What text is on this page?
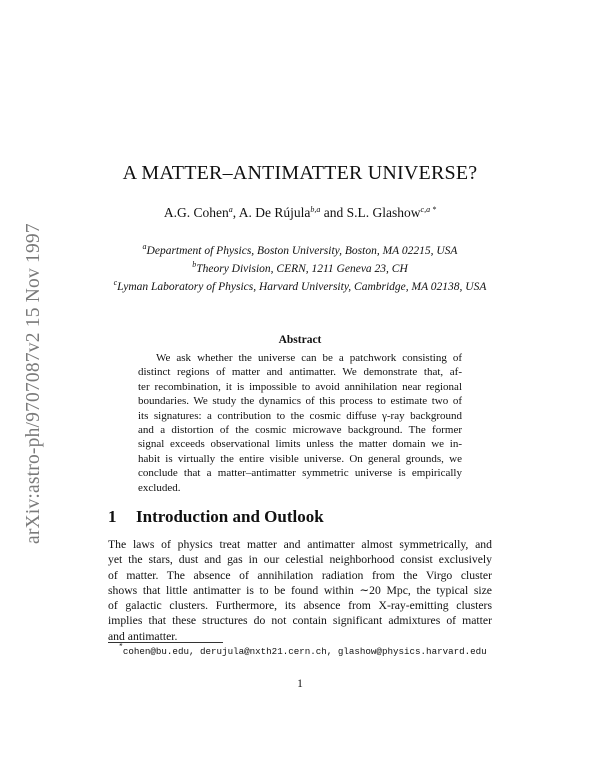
arXiv:astro-ph/9707087v2 15 Nov 1997
A MATTER–ANTIMATTER UNIVERSE?
A.G. Cohen$^a$, A. De Rújula$^{b,a}$ and S.L. Glashow$^{c,a *}$
$^a$Department of Physics, Boston University, Boston, MA 02215, USA
$^b$Theory Division, CERN, 1211 Geneva 23, CH
$^c$Lyman Laboratory of Physics, Harvard University, Cambridge, MA 02138, USA
Abstract
We ask whether the universe can be a patchwork consisting of
distinct regions of matter and antimatter. We demonstrate that, af-
ter recombination, it is impossible to avoid annihilation near regional
boundaries. We study the dynamics of this process to estimate two of
its signatures: a contribution to the cosmic diffuse γ-ray background
and a distortion of the cosmic microwave background. The former
signal exceeds observational limits unless the matter domain we in-
habit is virtually the entire visible universe. On general grounds, we
conclude that a matter–antimatter symmetric universe is empirically
excluded.
1 Introduction and Outlook
The laws of physics treat matter and antimatter almost symmetrically, and
yet the stars, dust and gas in our celestial neighborhood consist exclusively
of matter. The absence of annihilation radiation from the Virgo cluster
shows that little antimatter is to be found within ∼20 Mpc, the typical size
of galactic clusters. Furthermore, its absence from X-ray-emitting clusters
implies that these structures do not contain significant admixtures of matter
and antimatter.
*cohen@bu.edu, derujula@nxth21.cern.ch, glashow@physics.harvard.edu
1
